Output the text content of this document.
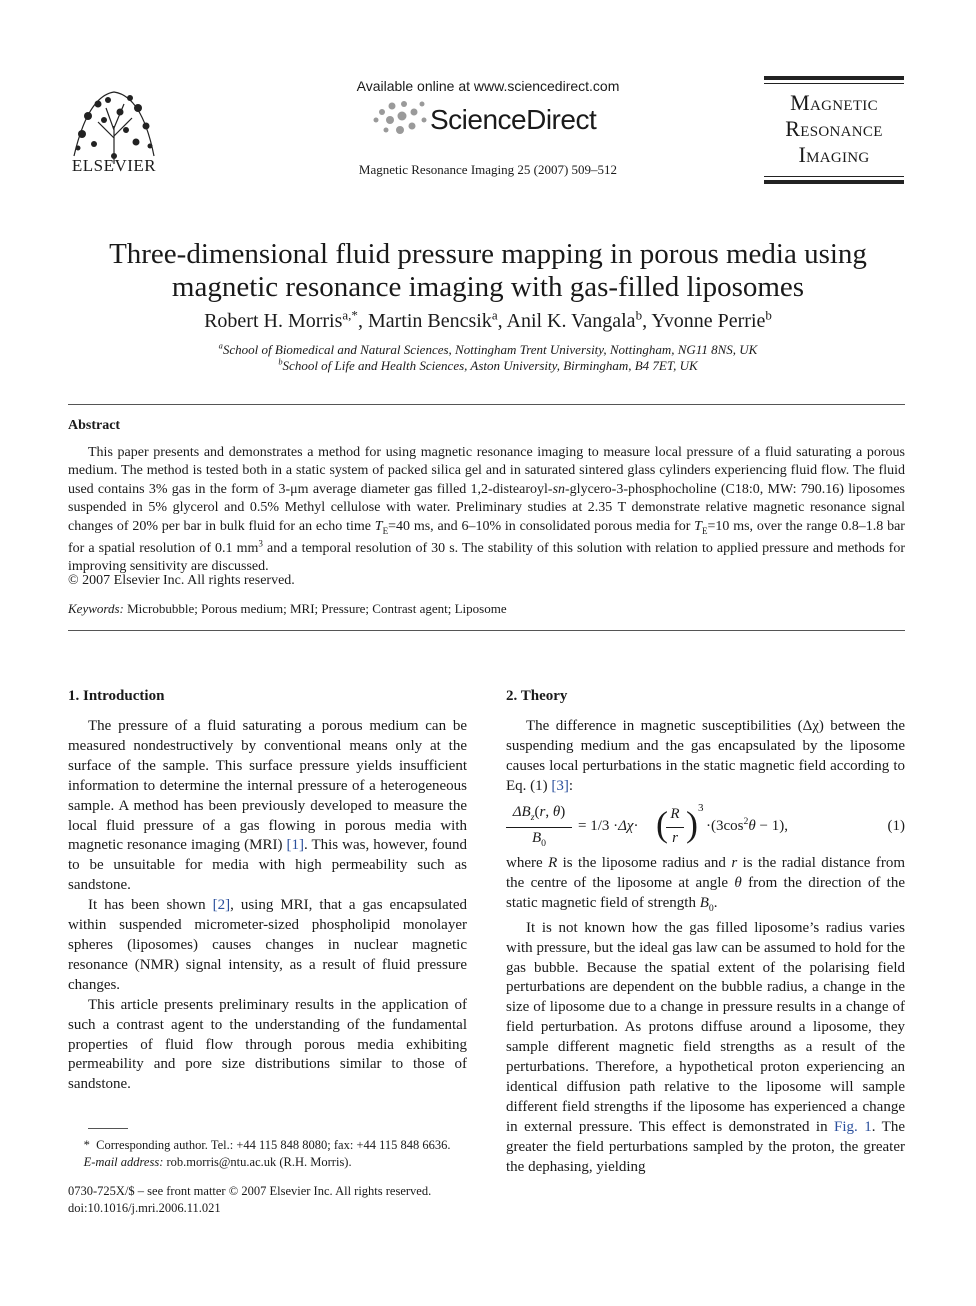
ELSEVIER
Available online at www.sciencedirect.com
ScienceDirect
Magnetic Resonance Imaging 25 (2007) 509–512
Magnetic
Resonance
Imaging
Three-dimensional fluid pressure mapping in porous media using
magnetic resonance imaging with gas-filled liposomes
Robert H. Morris$^{a,*}$, Martin Bencsik$^a$, Anil K. Vangala$^b$, Yvonne Perrie$^b$
$^a$School of Biomedical and Natural Sciences, Nottingham Trent University, Nottingham, NG11 8NS, UK
$^b$School of Life and Health Sciences, Aston University, Birmingham, B4 7ET, UK
Abstract
This paper presents and demonstrates a method for using magnetic resonance imaging to measure local pressure of a fluid saturating a porous medium. The method is tested both in a static system of packed silica gel and in saturated sintered glass cylinders experiencing fluid flow. The fluid used contains 3% gas in the form of 3-μm average diameter gas filled 1,2-distearoyl-sn-glycero-3-phosphocholine (C18:0, MW: 790.16) liposomes suspended in 5% glycerol and 0.5% Methyl cellulose with water. Preliminary studies at 2.35 T demonstrate relative magnetic resonance signal changes of 20% per bar in bulk fluid for an echo time $T_E=40$ ms, and 6–10% in consolidated porous media for $T_E=10$ ms, over the range 0.8–1.8 bar for a spatial resolution of 0.1 $mm^3$ and a temporal resolution of 30 s. The stability of this solution with relation to applied pressure and methods for improving sensitivity are discussed.
© 2007 Elsevier Inc. All rights reserved.
Keywords: Microbubble; Porous medium; MRI; Pressure; Contrast agent; Liposome
1. Introduction

The pressure of a fluid saturating a porous medium can be measured nondestructively by conventional means only at the surface of the sample. This surface pressure yields insufficient information to determine the internal pressure of a heterogeneous sample. A method has been previously developed to measure the local fluid pressure of a gas flowing in porous media with magnetic resonance imaging (MRI) [1]. This was, however, found to be unsuitable for media with high permeability such as sandstone.

It has been shown [2], using MRI, that a gas encapsulated within suspended micrometer-sized phospholipid monolayer spheres (liposomes) causes changes in nuclear magnetic resonance (NMR) signal intensity, as a result of fluid pressure changes.

This article presents preliminary results in the application of such a contrast agent to the understanding of the fundamental properties of fluid flow through porous media exhibiting permeability and pore size distributions similar to those of sandstone.

*  Corresponding author. Tel.: +44 115 848 8080; fax: +44 115 848 6636.
E-mail address: rob.morris@ntu.ac.uk (R.H. Morris).
0730-725X/$ – see front matter © 2007 Elsevier Inc. All rights reserved.
doi:10.1016/j.mri.2006.11.021
2. Theory

The difference in magnetic susceptibilities (Δχ) between the suspending medium and the gas encapsulated by the liposome causes local perturbations in the static magnetic field according to Eq. (1) [3]:

$\Delta B_z(r$, θ)
$B_0$
= 1/3 ·Δχ· ( R
r ) 3
$\cdot(3\cos^2\theta - 1)$,	(1)

where R is the liposome radius and r is the radial distance from the centre of the liposome at angle θ from the direction of the static magnetic field of strength $B_0$.

It is not known how the gas filled liposome’s radius varies with pressure, but the ideal gas law can be assumed to hold for the gas bubble. Because the spatial extent of the polarising field perturbations are dependent on the bubble radius, a change in the size of liposome due to a change in pressure results in a change of field perturbation. As protons diffuse around a liposome, they sample different magnetic field strengths as a result of the perturbations. Therefore, a hypothetical proton experiencing an identical diffusion path relative to the liposome will sample different field strengths if the liposome has experienced a change in external pressure. This effect is demonstrated in Fig. 1. The greater the field perturbations sampled by the proton, the greater the dephasing, yielding
